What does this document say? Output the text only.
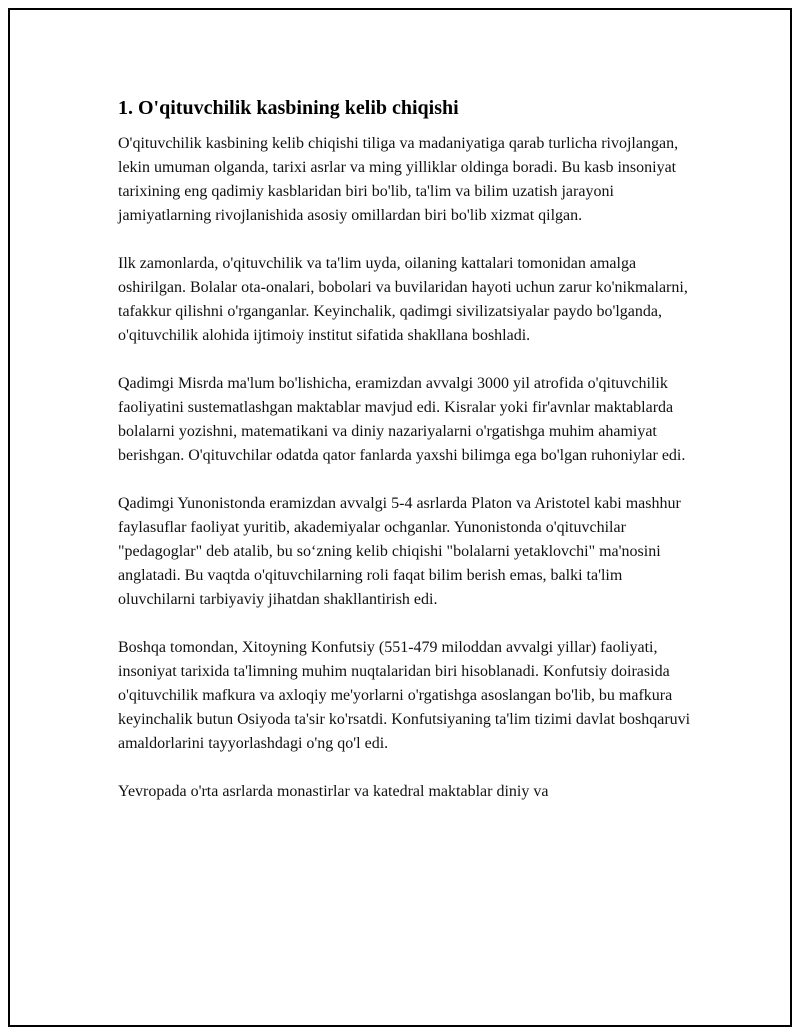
1. O'qituvchilik kasbining kelib chiqishi

O'qituvchilik kasbining kelib chiqishi tiliga va madaniyatiga qarab turlicha rivojlangan, lekin umuman olganda, tarixi asrlar va ming yilliklar oldinga boradi. Bu kasb insoniyat tarixining eng qadimiy kasblaridan biri bo'lib, ta'lim va bilim uzatish jarayoni jamiyatlarning rivojlanishida asosiy omillardan biri bo'lib xizmat qilgan.

Ilk zamonlarda, o'qituvchilik va ta'lim uyda, oilaning kattalari tomonidan amalga oshirilgan. Bolalar ota-onalari, bobolari va buvilaridan hayoti uchun zarur ko'nikmalarni, tafakkur qilishni o'rganganlar. Keyinchalik, qadimgi sivilizatsiyalar paydo bo'lganda, o'qituvchilik alohida ijtimoiy institut sifatida shakllana boshladi.

Qadimgi Misrda ma'lum bo'lishicha, eramizdan avvalgi 3000 yil atrofida o'qituvchilik faoliyatini sustematlashgan maktablar mavjud edi. Kisralar yoki fir'avnlar maktablarda bolalarni yozishni, matematikani va diniy nazariyalarni o'rgatishga muhim ahamiyat berishgan. O'qituvchilar odatda qator fanlarda yaxshi bilimga ega bo'lgan ruhoniylar edi.

Qadimgi Yunonistonda eramizdan avvalgi 5-4 asrlarda Platon va Aristotel kabi mashhur faylasuflar faoliyat yuritib, akademiyalar ochganlar. Yunonistonda o'qituvchilar "pedagoglar" deb atalib, bu so‘zning kelib chiqishi "bolalarni yetaklovchi" ma'nosini anglatadi. Bu vaqtda o'qituvchilarning roli faqat bilim berish emas, balki ta'lim oluvchilarni tarbiyaviy jihatdan shakllantirish edi.

Boshqa tomondan, Xitoyning Konfutsiy (551-479 miloddan avvalgi yillar) faoliyati, insoniyat tarixida ta'limning muhim nuqtalaridan biri hisoblanadi. Konfutsiy doirasida o'qituvchilik mafkura va axloqiy me'yorlarni o'rgatishga asoslangan bo'lib, bu mafkura keyinchalik butun Osiyoda ta'sir ko'rsatdi. Konfutsiyaning ta'lim tizimi davlat boshqaruvi amaldorlarini tayyorlashdagi o'ng qo'l edi.

Yevropada o'rta asrlarda monastirlar va katedral maktablar diniy va
